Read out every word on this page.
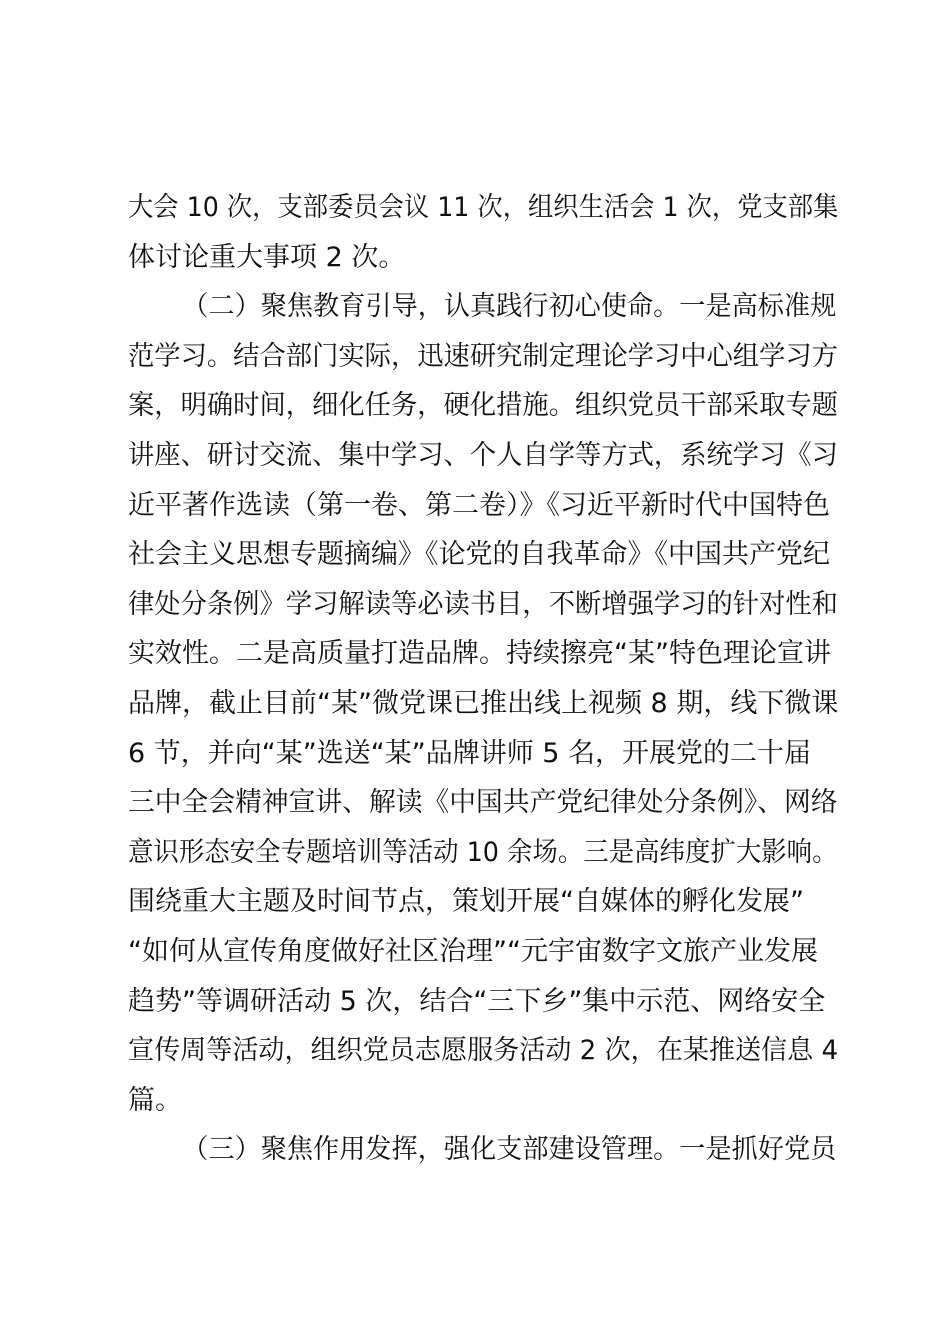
大会 10 次，支部委员会议 11 次，组织生活会 1 次，党支部集
体讨论重大事项 2 次。
（二）聚焦教育引导，认真践行初心使命。一是高标准规
范学习。结合部门实际，迅速研究制定理论学习中心组学习方
案，明确时间，细化任务，硬化措施。组织党员干部采取专题
讲座、研讨交流、集中学习、个人自学等方式，系统学习《习
近平著作选读（第一卷、第二卷）》《习近平新时代中国特色
社会主义思想专题摘编》《论党的自我革命》《中国共产党纪
律处分条例》学习解读等必读书目，不断增强学习的针对性和
实效性。二是高质量打造品牌。持续擦亮“某”特色理论宣讲
品牌，截止目前“某”微党课已推出线上视频 8 期，线下微课
6 节，并向“某”选送“某”品牌讲师 5 名，开展党的二十届
三中全会精神宣讲、解读《中国共产党纪律处分条例》、网络
意识形态安全专题培训等活动 10 余场。三是高纬度扩大影响。
围绕重大主题及时间节点，策划开展“自媒体的孵化发展”
“如何从宣传角度做好社区治理”“元宇宙数字文旅产业发展
趋势”等调研活动 5 次，结合“三下乡”集中示范、网络安全
宣传周等活动，组织党员志愿服务活动 2 次，在某推送信息 4
篇。
（三）聚焦作用发挥，强化支部建设管理。一是抓好党员
